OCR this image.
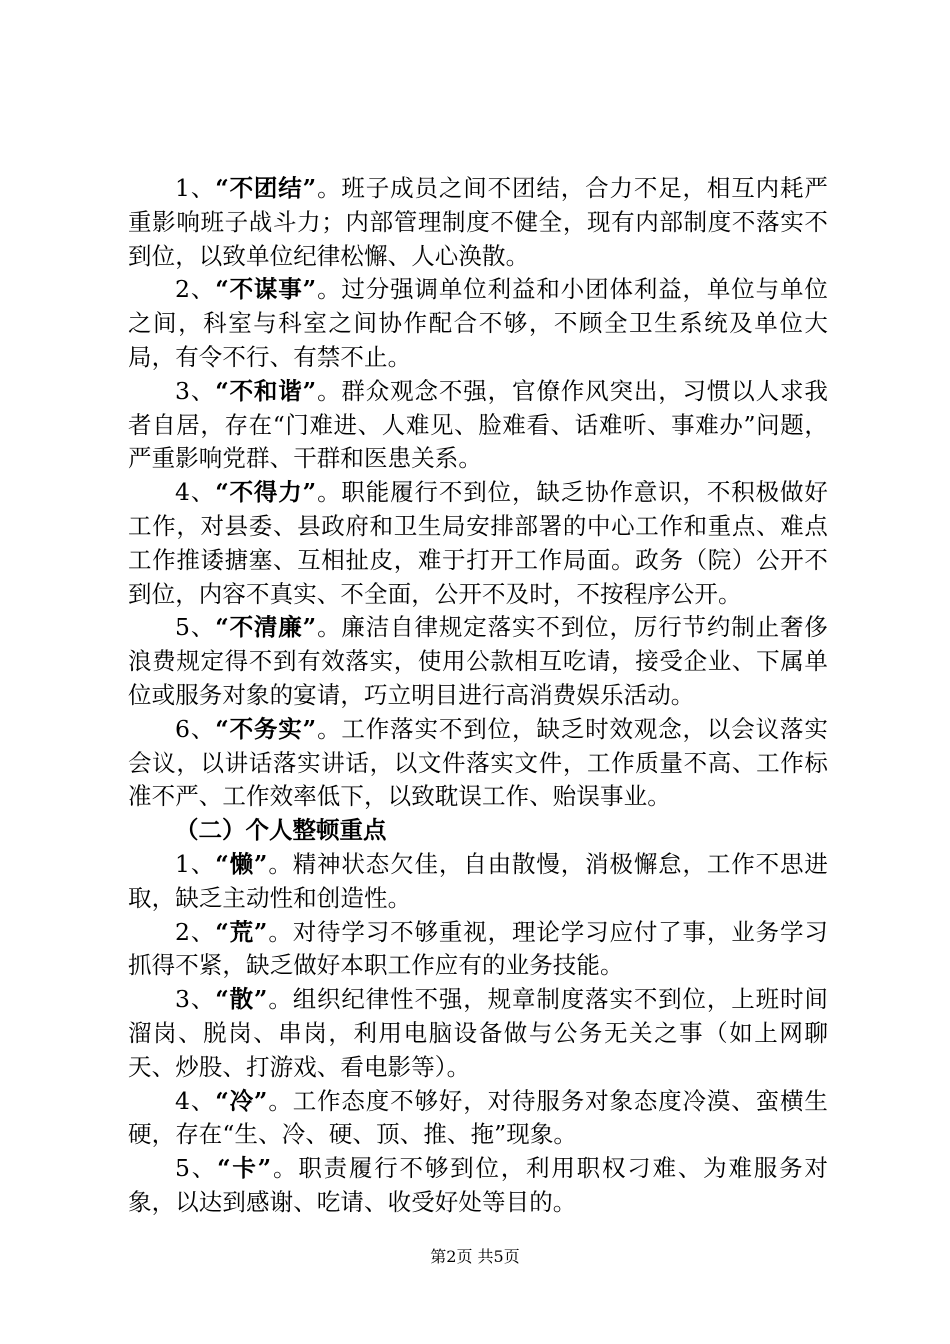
1、“不团结”。班子成员之间不团结，合力不足，相互内耗严重影响班子战斗力；内部管理制度不健全，现有内部制度不落实不到位，以致单位纪律松懈、人心涣散。

2、“不谋事”。过分强调单位利益和小团体利益，单位与单位之间，科室与科室之间协作配合不够，不顾全卫生系统及单位大局，有令不行、有禁不止。

3、“不和谐”。群众观念不强，官僚作风突出，习惯以人求我者自居，存在“门难进、人难见、脸难看、话难听、事难办”问题，严重影响党群、干群和医患关系。

4、“不得力”。职能履行不到位，缺乏协作意识，不积极做好工作，对县委、县政府和卫生局安排部署的中心工作和重点、难点工作推诿搪塞、互相扯皮，难于打开工作局面。政务（院）公开不到位，内容不真实、不全面，公开不及时，不按程序公开。

5、“不清廉”。廉洁自律规定落实不到位，厉行节约制止奢侈浪费规定得不到有效落实，使用公款相互吃请，接受企业、下属单位或服务对象的宴请，巧立明目进行高消费娱乐活动。

6、“不务实”。工作落实不到位，缺乏时效观念，以会议落实会议，以讲话落实讲话，以文件落实文件，工作质量不高、工作标准不严、工作效率低下，以致耽误工作、贻误事业。

（二）个人整顿重点

1、“懒”。精神状态欠佳，自由散慢，消极懈怠，工作不思进取，缺乏主动性和创造性。

2、“荒”。对待学习不够重视，理论学习应付了事，业务学习抓得不紧，缺乏做好本职工作应有的业务技能。

3、“散”。组织纪律性不强，规章制度落实不到位，上班时间溜岗、脱岗、串岗，利用电脑设备做与公务无关之事（如上网聊天、炒股、打游戏、看电影等）。

4、“冷”。工作态度不够好，对待服务对象态度冷漠、蛮横生硬，存在“生、冷、硬、顶、推、拖”现象。

5、“卡”。职责履行不够到位，利用职权刁难、为难服务对象，以达到感谢、吃请、收受好处等目的。

第2页 共5页
